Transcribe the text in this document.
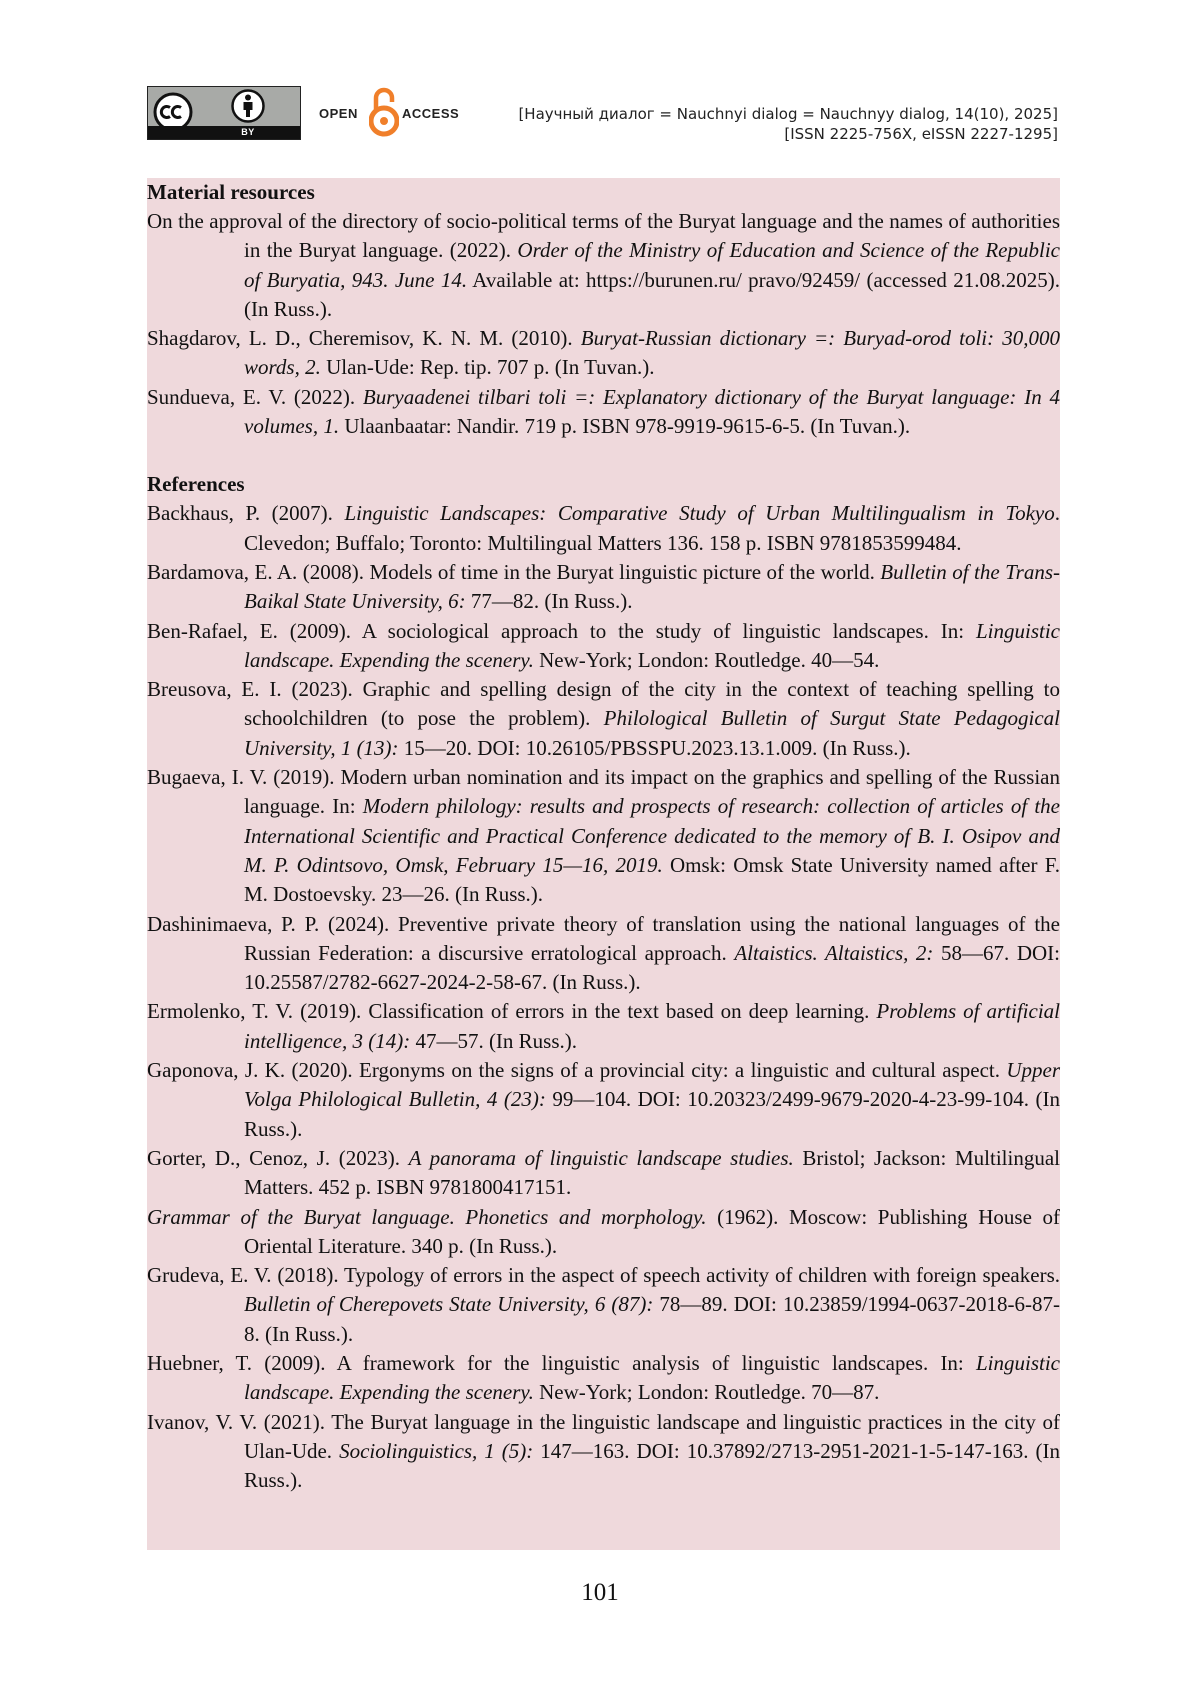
BY
OPEN	ACCESS	[Научный диалог = Nauchnyi dialog = Nauchnyy dialog, 14(10), 2025]
[ISSN 2225-756X, eISSN 2227-1295]

Material resources

On the approval of the directory of socio-political terms of the Buryat language and the names of authorities in the Buryat language. (2022). Order of the Ministry of Education and Science of the Republic of Buryatia, 943. June 14. Available at: https://burunen.ru/ pravo/92459/ (accessed 21.08.2025). (In Russ.).

Shagdarov, L. D., Cheremisov, K. N. M. (2010). Buryat-Russian dictionary =: Buryad-orod toli: 30,000 words, 2. Ulan-Ude: Rep. tip. 707 p. (In Tuvan.).

Sundueva, E. V. (2022). Buryaadenei tilbari toli =: Explanatory dictionary of the Buryat language: In 4 volumes, 1. Ulaanbaatar: Nandir. 719 p. ISBN 978-9919-9615-6-5. (In Tuvan.).

References

Backhaus, P. (2007). Linguistic Landscapes: Comparative Study of Urban Multilingualism in Tokyo. Clevedon; Buffalo; Toronto: Multilingual Matters 136. 158 p. ISBN 9781853599484.

Bardamova, E. A. (2008). Models of time in the Buryat linguistic picture of the world. Bulletin of the Trans-Baikal State University, 6: 77—82. (In Russ.).

Ben-Rafael, E. (2009). A sociological approach to the study of linguistic landscapes. In: Linguistic landscape. Expending the scenery. New-York; London: Routledge. 40—54.

Breusova, E. I. (2023). Graphic and spelling design of the city in the context of teaching spelling to schoolchildren (to pose the problem). Philological Bulletin of Surgut State Pedagogical University, 1 (13): 15—20. DOI: 10.26105/PBSSPU.2023.13.1.009. (In Russ.).

Bugaeva, I. V. (2019). Modern urban nomination and its impact on the graphics and spelling of the Russian language. In: Modern philology: results and prospects of research: collection of articles of the International Scientific and Practical Conference dedicated to the memory of B. I. Osipov and M. P. Odintsovo, Omsk, February 15—16, 2019. Omsk: Omsk State University named after F. M. Dostoevsky. 23—26. (In Russ.).

Dashinimaeva, P. P. (2024). Preventive private theory of translation using the national languages of the Russian Federation: a discursive erratological approach. Altaistics. Altaistics, 2: 58—67. DOI: 10.25587/2782-6627-2024-2-58-67. (In Russ.).

Ermolenko, T. V. (2019). Classification of errors in the text based on deep learning. Problems of artificial intelligence, 3 (14): 47—57. (In Russ.).

Gaponova, J. K. (2020). Ergonyms on the signs of a provincial city: a linguistic and cultural aspect. Upper Volga Philological Bulletin, 4 (23): 99—104. DOI: 10.20323/2499-9679-2020-4-23-99-104. (In Russ.).

Gorter, D., Cenoz, J. (2023). A panorama of linguistic landscape studies. Bristol; Jackson: Multilingual Matters. 452 p. ISBN 9781800417151.

Grammar of the Buryat language. Phonetics and morphology. (1962). Moscow: Publishing House of Oriental Literature. 340 p. (In Russ.).

Grudeva, E. V. (2018). Typology of errors in the aspect of speech activity of children with foreign speakers. Bulletin of Cherepovets State University, 6 (87): 78—89. DOI: 10.23859/1994-0637-2018-6-87-8. (In Russ.).

Huebner, T. (2009). A framework for the linguistic analysis of linguistic landscapes. In: Linguistic landscape. Expending the scenery. New-York; London: Routledge. 70—87.

Ivanov, V. V. (2021). The Buryat language in the linguistic landscape and linguistic practices in the city of Ulan-Ude. Sociolinguistics, 1 (5): 147—163. DOI: 10.37892/2713-2951-2021-1-5-147-163. (In Russ.).

101
